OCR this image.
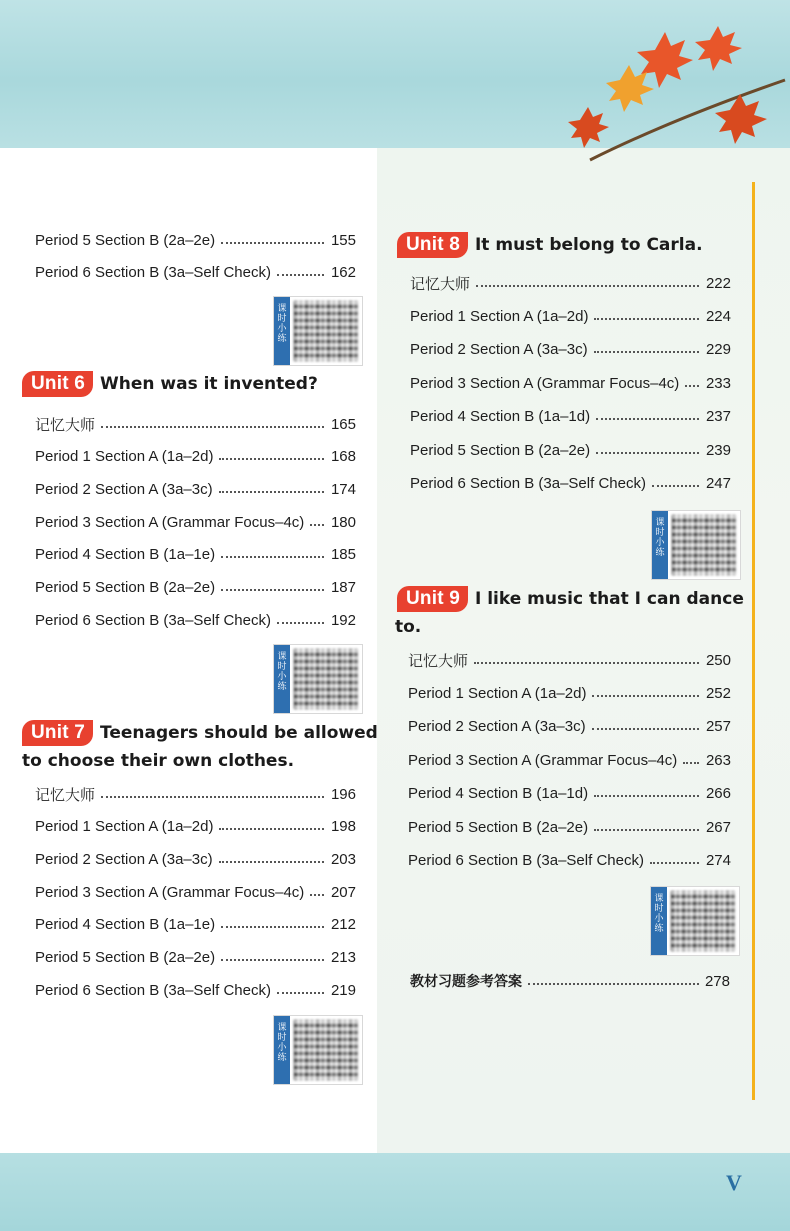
Period 5 Section B (2a–2e)	155
Period 6 Section B (3a–Self Check)	162
课时小练
Unit 6 When was it invented?
记忆大师	165
Period 1 Section A (1a–2d)	168
Period 2 Section A (3a–3c)	174
Period 3 Section A (Grammar Focus–4c) 180
Period 4 Section B (1a–1e)	185
Period 5 Section B (2a–2e)	187
Period 6 Section B (3a–Self Check)	192
课时小练
Unit 7 Teenagers should be allowed
to choose their own clothes.
记忆大师	196
Period 1 Section A (1a–2d)	198
Period 2 Section A (3a–3c)	203
Period 3 Section A (Grammar Focus–4c) 207
Period 4 Section B (1a–1e)	212
Period 5 Section B (2a–2e)	213
Period 6 Section B (3a–Self Check)	219
课时小练
Unit 8 It must belong to Carla.
记忆大师	222
Period 1 Section A (1a–2d)	224
Period 2 Section A (3a–3c)	229
Period 3 Section A (Grammar Focus–4c) 233
Period 4 Section B (1a–1d)	237
Period 5 Section B (2a–2e)	239
Period 6 Section B (3a–Self Check)	247
课时小练
Unit 9 I like music that I can dance
to.
记忆大师	250
Period 1 Section A (1a–2d)	252
Period 2 Section A (3a–3c)	257
Period 3 Section A (Grammar Focus–4c) 263
Period 4 Section B (1a–1d)	266
Period 5 Section B (2a–2e)	267
Period 6 Section B (3a–Self Check)	274
课时小练
教材习题参考答案	278
V
